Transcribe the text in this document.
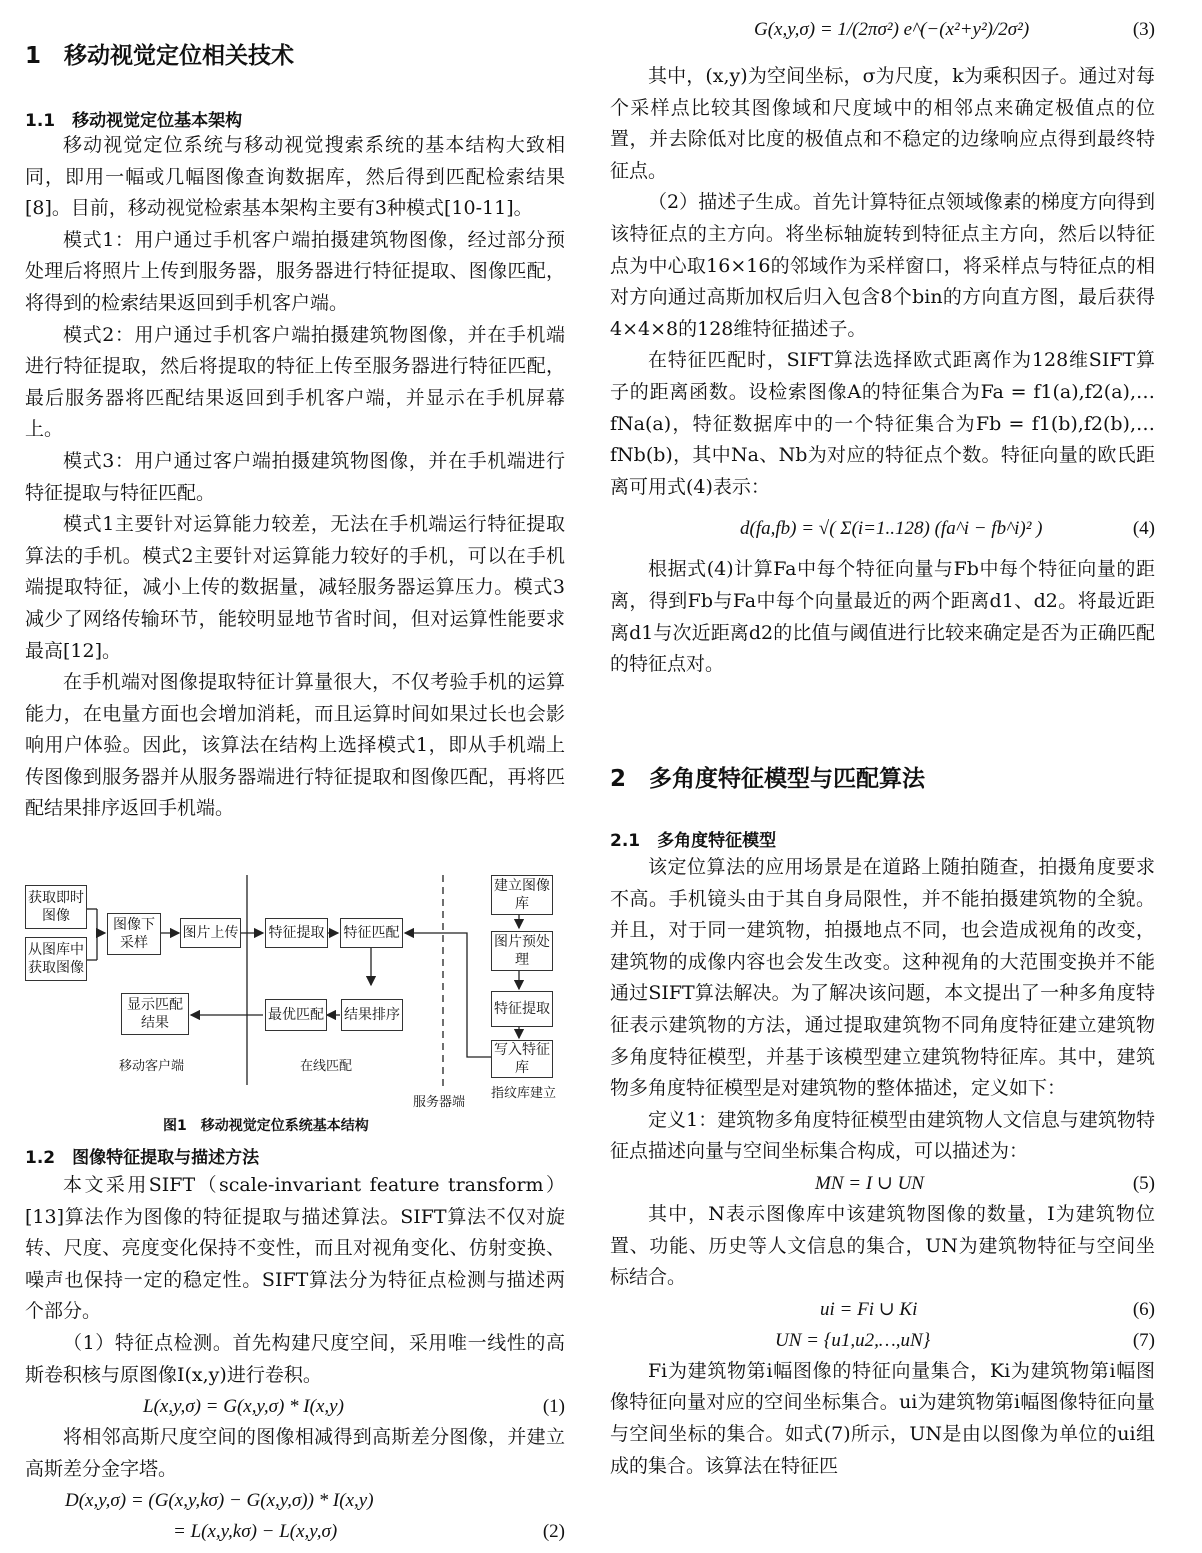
1　移动视觉定位相关技术
1.1　移动视觉定位基本架构

移动视觉定位系统与移动视觉搜索系统的基本结构大致相同，即用一幅或几幅图像查询数据库，然后得到匹配检索结果[8]。目前，移动视觉检索基本架构主要有3种模式[10-11]。

模式1：用户通过手机客户端拍摄建筑物图像，经过部分预处理后将照片上传到服务器，服务器进行特征提取、图像匹配，将得到的检索结果返回到手机客户端。

模式2：用户通过手机客户端拍摄建筑物图像，并在手机端进行特征提取，然后将提取的特征上传至服务器进行特征匹配，最后服务器将匹配结果返回到手机客户端，并显示在手机屏幕上。

模式3：用户通过客户端拍摄建筑物图像，并在手机端进行特征提取与特征匹配。

模式1主要针对运算能力较差，无法在手机端运行特征提取算法的手机。模式2主要针对运算能力较好的手机，可以在手机端提取特征，减小上传的数据量，减轻服务器运算压力。模式3减少了网络传输环节，能较明显地节省时间，但对运算性能要求最高[12]。

在手机端对图像提取特征计算量很大，不仅考验手机的运算能力，在电量方面也会增加消耗，而且运算时间如果过长也会影响用户体验。因此，该算法在结构上选择模式1，即从手机端上传图像到服务器并从服务器端进行特征提取和图像匹配，再将匹配结果排序返回手机端。

获取即时图像
从图库中获取图像
图像下采样
图片上传 特征提取 特征匹配
结果排序
最优匹配
显示匹配结果
建立图像库
图片预处理
特征提取
写入特征库
移动客户端	在线匹配
服务器端
指纹库建立
图1　移动视觉定位系统基本结构
1.2　图像特征提取与描述方法

本文采用SIFT（scale-invariant feature transform）[13]算法作为图像的特征提取与描述算法。SIFT算法不仅对旋转、尺度、亮度变化保持不变性，而且对视角变化、仿射变换、噪声也保持一定的稳定性。SIFT算法分为特征点检测与描述两个部分。

（1）特征点检测。首先构建尺度空间，采用唯一线性的高斯卷积核与原图像I(x,y)进行卷积。

L(x,y,σ) = G(x,y,σ) * I(x,y)	(1)

将相邻高斯尺度空间的图像相减得到高斯差分图像，并建立高斯差分金字塔。

D(x,y,σ) = (G(x,y,kσ) − G(x,y,σ)) * I(x,y)
= L(x,y,kσ) − L(x,y,σ)	(2)
G(x,y,σ) = 1/(2πσ²) e^(−(x²+y²)/2σ²)	(3)

其中，(x,y)为空间坐标，σ为尺度，k为乘积因子。通过对每个采样点比较其图像域和尺度域中的相邻点来确定极值点的位置，并去除低对比度的极值点和不稳定的边缘响应点得到最终特征点。

（2）描述子生成。首先计算特征点领域像素的梯度方向得到该特征点的主方向。将坐标轴旋转到特征点主方向，然后以特征点为中心取16×16的邻域作为采样窗口，将采样点与特征点的相对方向通过高斯加权后归入包含8个bin的方向直方图，最后获得4×4×8的128维特征描述子。

在特征匹配时，SIFT算法选择欧式距离作为128维SIFT算子的距离函数。设检索图像A的特征集合为Fa = f1(a),f2(a),…fNa(a)，特征数据库中的一个特征集合为Fb = f1(b),f2(b),…fNb(b)，其中Na、Nb为对应的特征点个数。特征向量的欧氏距离可用式(4)表示：

d(fa,fb) = √( Σ(i=1..128) (fa^i − fb^i)² )	(4)

根据式(4)计算Fa中每个特征向量与Fb中每个特征向量的距离，得到Fb与Fa中每个向量最近的两个距离d1、d2。将最近距离d1与次近距离d2的比值与阈值进行比较来确定是否为正确匹配的特征点对。

2　多角度特征模型与匹配算法
2.1　多角度特征模型

该定位算法的应用场景是在道路上随拍随查，拍摄角度要求不高。手机镜头由于其自身局限性，并不能拍摄建筑物的全貌。并且，对于同一建筑物，拍摄地点不同，也会造成视角的改变，建筑物的成像内容也会发生改变。这种视角的大范围变换并不能通过SIFT算法解决。为了解决该问题，本文提出了一种多角度特征表示建筑物的方法，通过提取建筑物不同角度特征建立建筑物多角度特征模型，并基于该模型建立建筑物特征库。其中，建筑物多角度特征模型是对建筑物的整体描述，定义如下：

定义1：建筑物多角度特征模型由建筑物人文信息与建筑物特征点描述向量与空间坐标集合构成，可以描述为：

MN = I ∪ UN	(5)

其中，N表示图像库中该建筑物图像的数量，I为建筑物位置、功能、历史等人文信息的集合，UN为建筑物特征与空间坐标结合。

ui = Fi ∪ Ki	(6)
UN = {u1,u2,…,uN}	(7)

Fi为建筑物第i幅图像的特征向量集合，Ki为建筑物第i幅图像特征向量对应的空间坐标集合。ui为建筑物第i幅图像特征向量与空间坐标的集合。如式(7)所示，UN是由以图像为单位的ui组成的集合。该算法在特征匹
